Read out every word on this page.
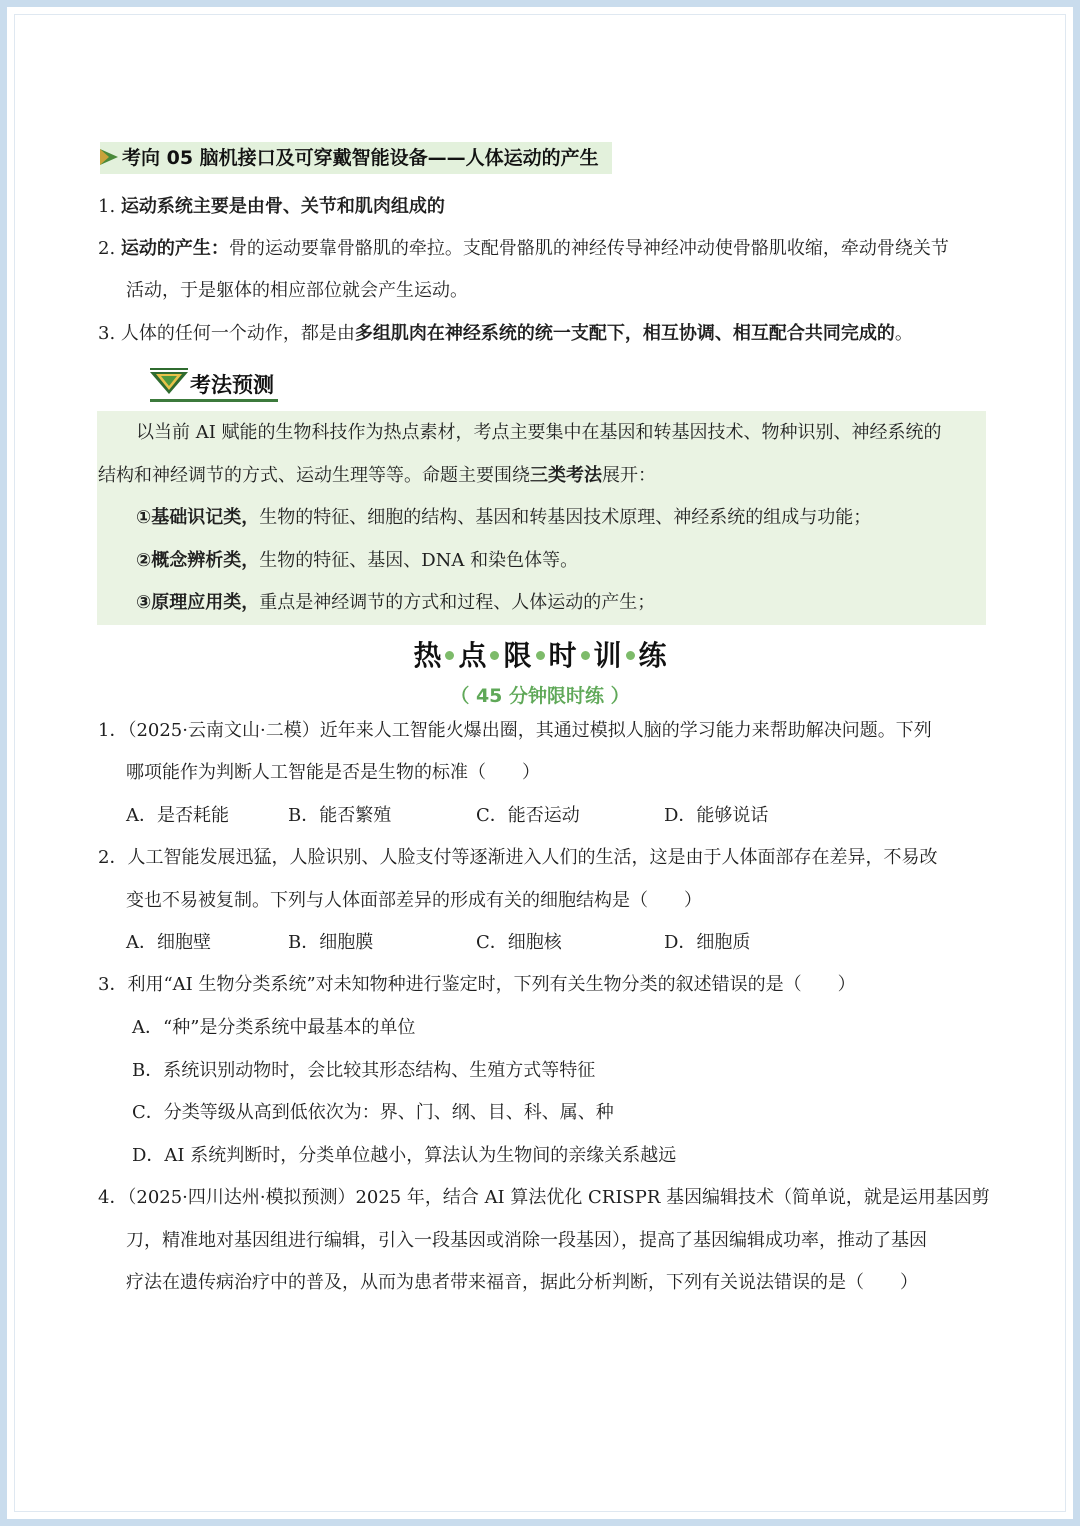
考向 05 脑机接口及可穿戴智能设备——人体运动的产生
1. 运动系统主要是由骨、关节和肌肉组成的
2. 运动的产生：骨的运动要靠骨骼肌的牵拉。支配骨骼肌的神经传导神经冲动使骨骼肌收缩，牵动骨绕关节
活动，于是躯体的相应部位就会产生运动。
3. 人体的任何一个动作，都是由多组肌肉在神经系统的统一支配下，相互协调、相互配合共同完成的。
考法预测
以当前 AI 赋能的生物科技作为热点素材，考点主要集中在基因和转基因技术、物种识别、神经系统的
结构和神经调节的方式、运动生理等等。命题主要围绕三类考法展开：
①基础识记类，生物的特征、细胞的结构、基因和转基因技术原理、神经系统的组成与功能；
②概念辨析类，生物的特征、基因、DNA 和染色体等。
③原理应用类，重点是神经调节的方式和过程、人体运动的产生；
热 点 限 时 训 练
（ 45 分钟限时练 ）
1．（2025·云南文山·二模）近年来人工智能火爆出圈，其通过模拟人脑的学习能力来帮助解决问题。下列
哪项能作为判断人工智能是否是生物的标准（　　）
A．是否耗能	B．能否繁殖	C．能否运动	D．能够说话
2．人工智能发展迅猛，人脸识别、人脸支付等逐渐进入人们的生活，这是由于人体面部存在差异，不易改
变也不易被复制。下列与人体面部差异的形成有关的细胞结构是（　　）
A．细胞壁	B．细胞膜	C．细胞核	D．细胞质
3．利用“AI 生物分类系统”对未知物种进行鉴定时，下列有关生物分类的叙述错误的是（　　）
A．“种”是分类系统中最基本的单位
B．系统识别动物时，会比较其形态结构、生殖方式等特征
C．分类等级从高到低依次为：界、门、纲、目、科、属、种
D．AI 系统判断时，分类单位越小，算法认为生物间的亲缘关系越远
4．（2025·四川达州·模拟预测）2025 年，结合 AI 算法优化 CRISPR 基因编辑技术（简单说，就是运用基因剪
刀，精准地对基因组进行编辑，引入一段基因或消除一段基因），提高了基因编辑成功率，推动了基因
疗法在遗传病治疗中的普及，从而为患者带来福音，据此分析判断，下列有关说法错误的是（　　）
